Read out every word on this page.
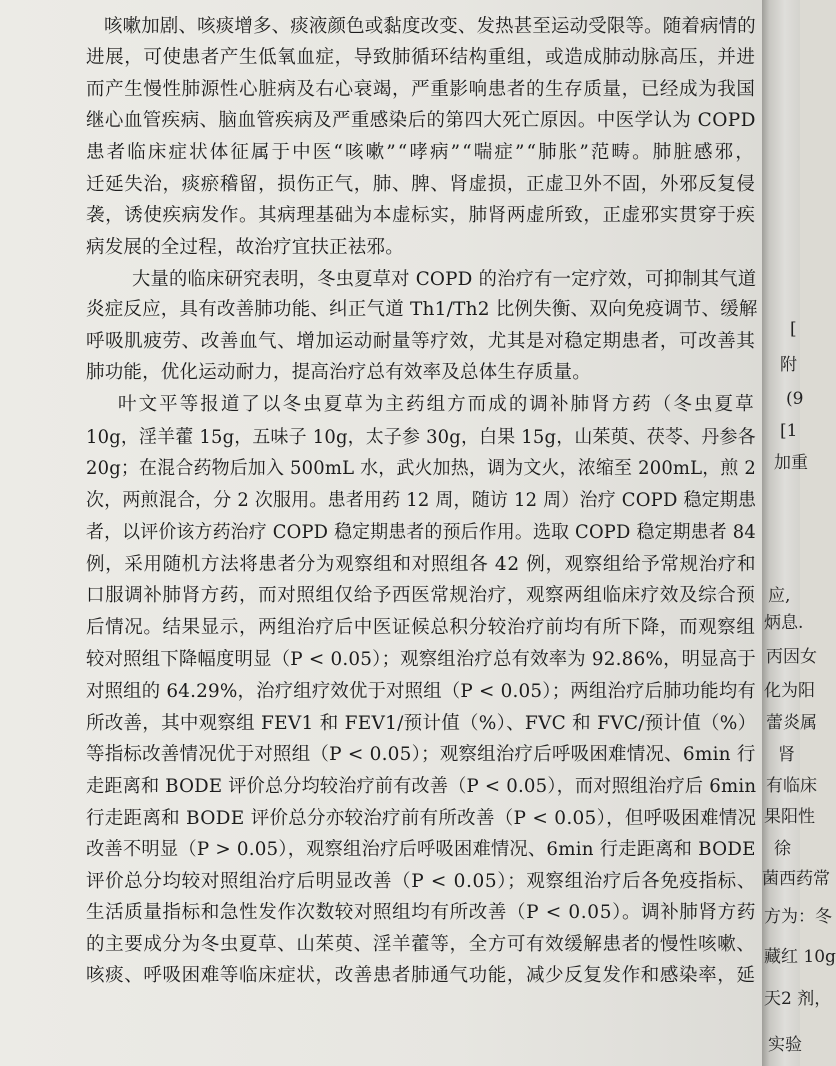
咳嗽加剧、咳痰增多、痰液颜色或黏度改变、发热甚至运动受限等。随着病情的
进展，可使患者产生低氧血症，导致肺循环结构重组，或造成肺动脉高压，并进
而产生慢性肺源性心脏病及右心衰竭，严重影响患者的生存质量，已经成为我国
继心血管疾病、脑血管疾病及严重感染后的第四大死亡原因。中医学认为 COPD
患者临床症状体征属于中医“咳嗽”“哮病”“喘症”“肺胀”范畴。肺脏感邪，
迁延失治，痰瘀稽留，损伤正气，肺、脾、肾虚损，正虚卫外不固，外邪反复侵
袭，诱使疾病发作。其病理基础为本虚标实，肺肾两虚所致，正虚邪实贯穿于疾
病发展的全过程，故治疗宜扶正祛邪。
大量的临床研究表明，冬虫夏草对 COPD 的治疗有一定疗效，可抑制其气道
炎症反应，具有改善肺功能、纠正气道 Th1/Th2 比例失衡、双向免疫调节、缓解
呼吸肌疲劳、改善血气、增加运动耐量等疗效，尤其是对稳定期患者，可改善其
肺功能，优化运动耐力，提高治疗总有效率及总体生存质量。
叶文平等报道了以冬虫夏草为主药组方而成的调补肺肾方药（冬虫夏草
10g，淫羊藿 15g，五味子 10g，太子参 30g，白果 15g，山茱萸、茯苓、丹参各
20g；在混合药物后加入 500mL 水，武火加热，调为文火，浓缩至 200mL，煎 2
次，两煎混合，分 2 次服用。患者用药 12 周，随访 12 周）治疗 COPD 稳定期患
者，以评价该方药治疗 COPD 稳定期患者的预后作用。选取 COPD 稳定期患者 84
例，采用随机方法将患者分为观察组和对照组各 42 例，观察组给予常规治疗和
口服调补肺肾方药，而对照组仅给予西医常规治疗，观察两组临床疗效及综合预
后情况。结果显示，两组治疗后中医证候总积分较治疗前均有所下降，而观察组
较对照组下降幅度明显（P < 0.05）；观察组治疗总有效率为 92.86%，明显高于
对照组的 64.29%，治疗组疗效优于对照组（P < 0.05）；两组治疗后肺功能均有
所改善，其中观察组 FEV1 和 FEV1/预计值（%）、FVC 和 FVC/预计值（%）
等指标改善情况优于对照组（P < 0.05）；观察组治疗后呼吸困难情况、6min 行
走距离和 BODE 评价总分均较治疗前有改善（P < 0.05），而对照组治疗后 6min
行走距离和 BODE 评价总分亦较治疗前有所改善（P < 0.05），但呼吸困难情况
改善不明显（P > 0.05），观察组治疗后呼吸困难情况、6min 行走距离和 BODE
评价总分均较对照组治疗后明显改善（P < 0.05）；观察组治疗后各免疫指标、
生活质量指标和急性发作次数较对照组均有所改善（P < 0.05）。调补肺肾方药
的主要成分为冬虫夏草、山茱萸、淫羊藿等，全方可有效缓解患者的慢性咳嗽、
咳痰、呼吸困难等临床症状，改善患者肺通气功能，减少反复发作和感染率，延
[
附
(9
[1
加重
应,
炳息.
丙因女
化为阳
蕾炎属
肾
有临床
果阳性
徐
菌西药常
方为：冬
藏红 10g
天2 剂，
实验
